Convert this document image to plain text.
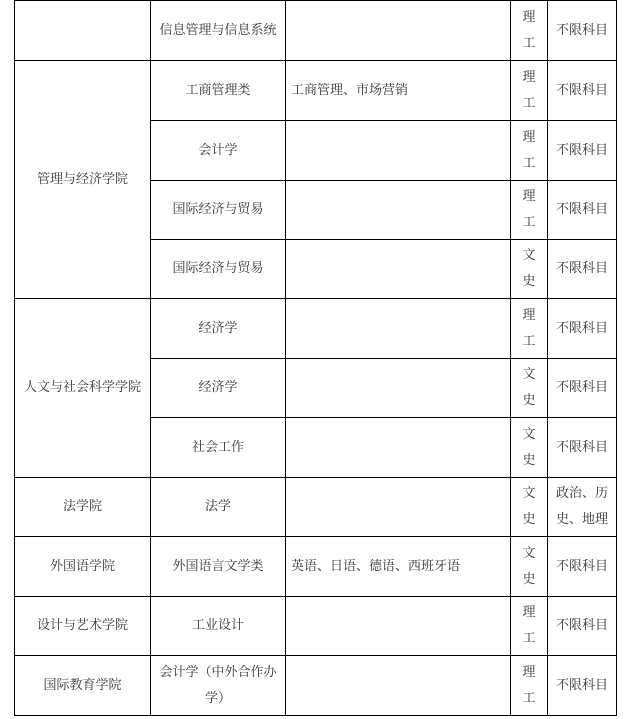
	信息管理与信息系统		理
工	不限科目
管理与经济学院	工商管理类	工商管理、市场营销	理
工	不限科目
	会计学		理
工	不限科目
	国际经济与贸易		理
工	不限科目
	国际经济与贸易		文
史	不限科目
人文与社会科学学院	经济学		理
工	不限科目
	经济学		文
史	不限科目
	社会工作		文
史	不限科目
法学院	法学		文
史	政治、历
史、地理

外国语学院	外国语言文学类	英语、日语、德语、西班牙语	文
史	不限科目
设计与艺术学院	工业设计		理
工	不限科目
国际教育学院	会计学（中外合作办
学）		理
工	不限科目
